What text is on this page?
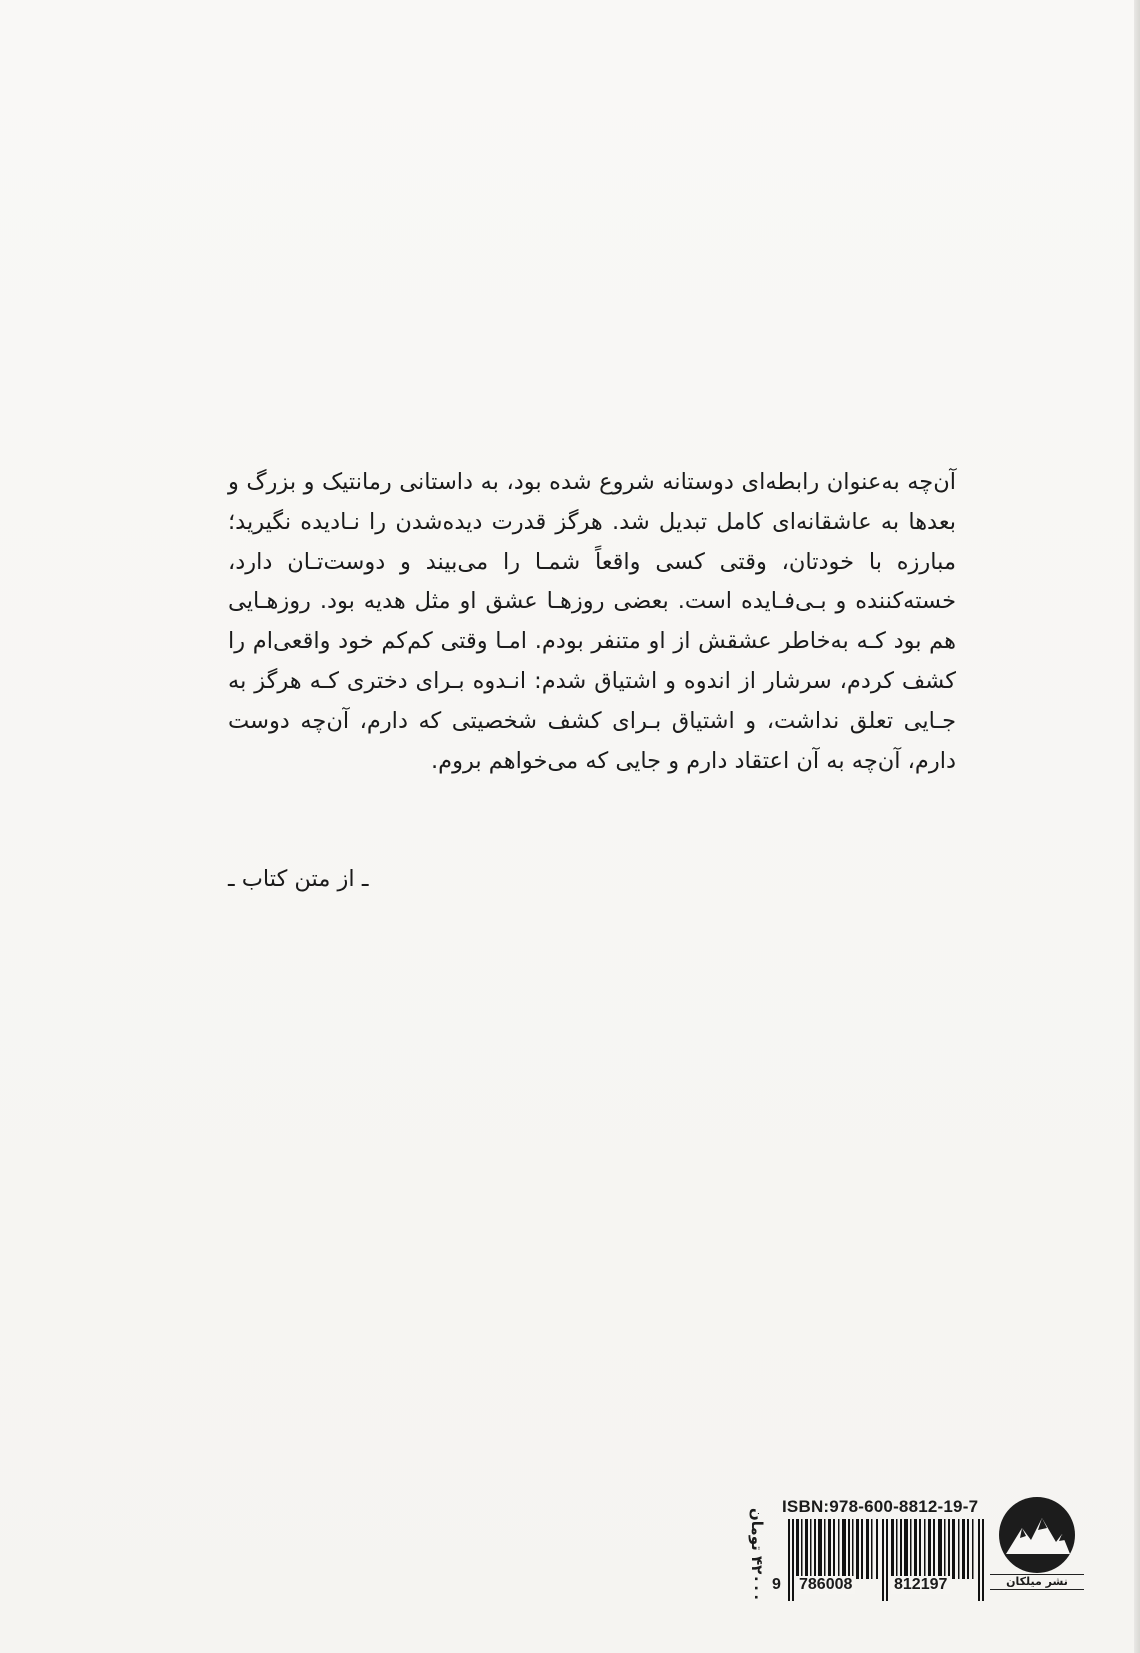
آن‌چه به‌عنوان رابطه‌ای دوستانه شروع شده بود، به داستانی رمانتیک و بزرگ و بعدها به عاشقانه‌ای کامل تبدیل شد. هرگز قدرت دیده‌شدن را نـادیده نگیرید؛ مبارزه با خودتان، وقتی کسی واقعاً شمـا را می‌بیند و دوست‌تـان دارد، خسته‌کننده و بـی‌فـایده است. بعضی روزهـا عشق او مثل هدیه بود. روزهـایی هم بود کـه به‌خاطر عشقش از او متنفر بودم. امـا وقتی کم‌کم خود واقعی‌ام را کشف کردم، سرشار از اندوه و اشتیاق شدم: انـدوه بـرای دختری کـه هرگز به جـایی تعلق نداشت، و اشتیاق بـرای کشف شخصیتی که دارم، آن‌چه دوست دارم، آن‌چه به آن اعتقاد دارم و جایی که می‌خواهم بروم.

ـ از متن کتاب ـ

نشر میلکان
ISBN:978-600-8812-19-7
9 786008	812197
۴۲۰۰۰ تومان
